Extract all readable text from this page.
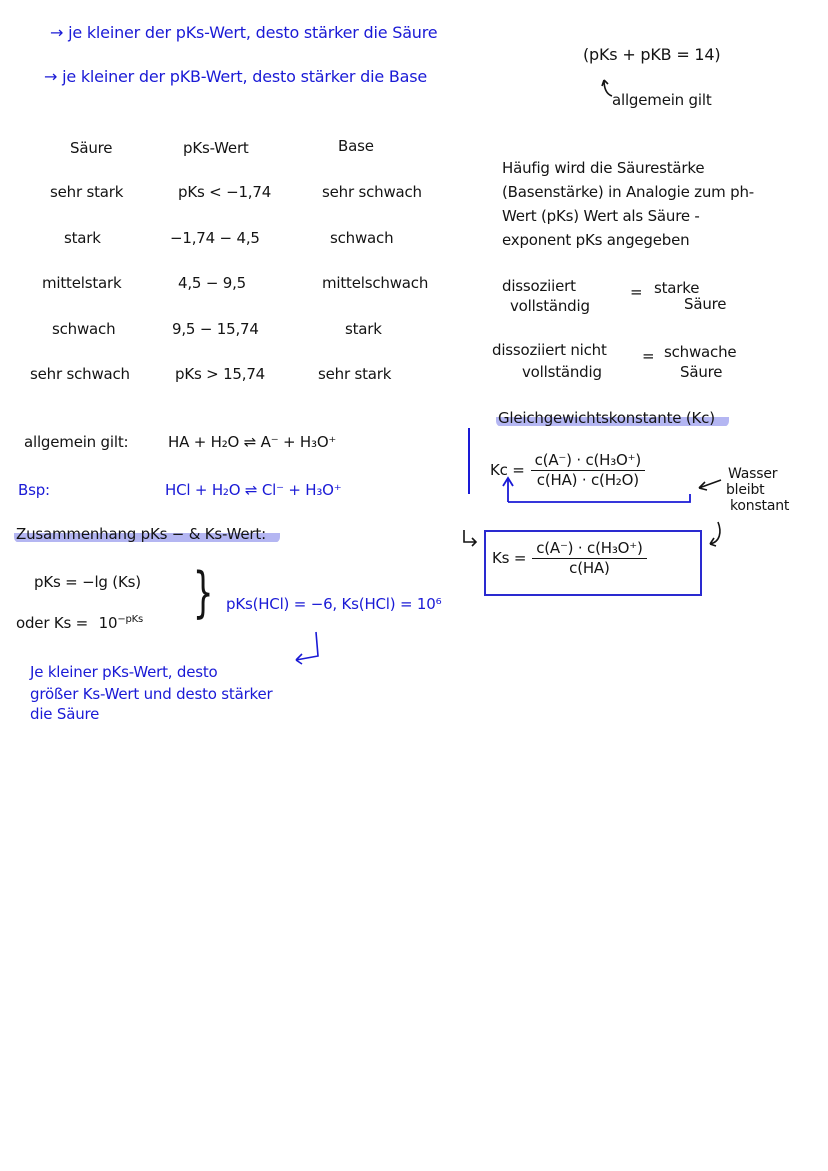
→ je kleiner der pKs-Wert, desto stärker die Säure
→ je kleiner der pKB-Wert, desto stärker die Base
(pKs + pKB = 14)
allgemein gilt
Säure	pKs-Wert	Base
sehr stark	pKs < −1,74	sehr schwach
stark	−1,74 − 4,5	schwach
mittelstark	4,5 − 9,5	mittelschwach
schwach	9,5 − 15,74	stark
sehr schwach	pKs > 15,74	sehr stark
Häufig wird die Säurestärke
(Basenstärke) in Analogie zum ph-
Wert (pKs) Wert als Säure -
exponent pKs angegeben
dissoziiert
vollständig
= starke
Säure
dissoziiert nicht
vollständig
= schwache
Säure
allgemein gilt:	HA + H₂O ⇌ A⁻ + H₃O⁺
Bsp:	HCl + H₂O ⇌ Cl⁻ + H₃O⁺
Gleichgewichtskonstante (Kc)
$Kc = \frac{\text{c(A⁻) · c(H₃O⁺)}}{\text{c(HA) · c(H₂O)}}$	Wasser
bleibt
konstant
$Ks = \frac{\text{c(A⁻) · c(H₃O⁺)}}{c(HA)}$
Zusammenhang pKs − & Ks-Wert:
pKs = −lg (Ks)
oder $Ks = 10^{-pKs}$ } pKs(HCl) = −6, Ks(HCl) = 10⁶
Je kleiner pKs-Wert, desto
größer Ks-Wert und desto stärker
die Säure
